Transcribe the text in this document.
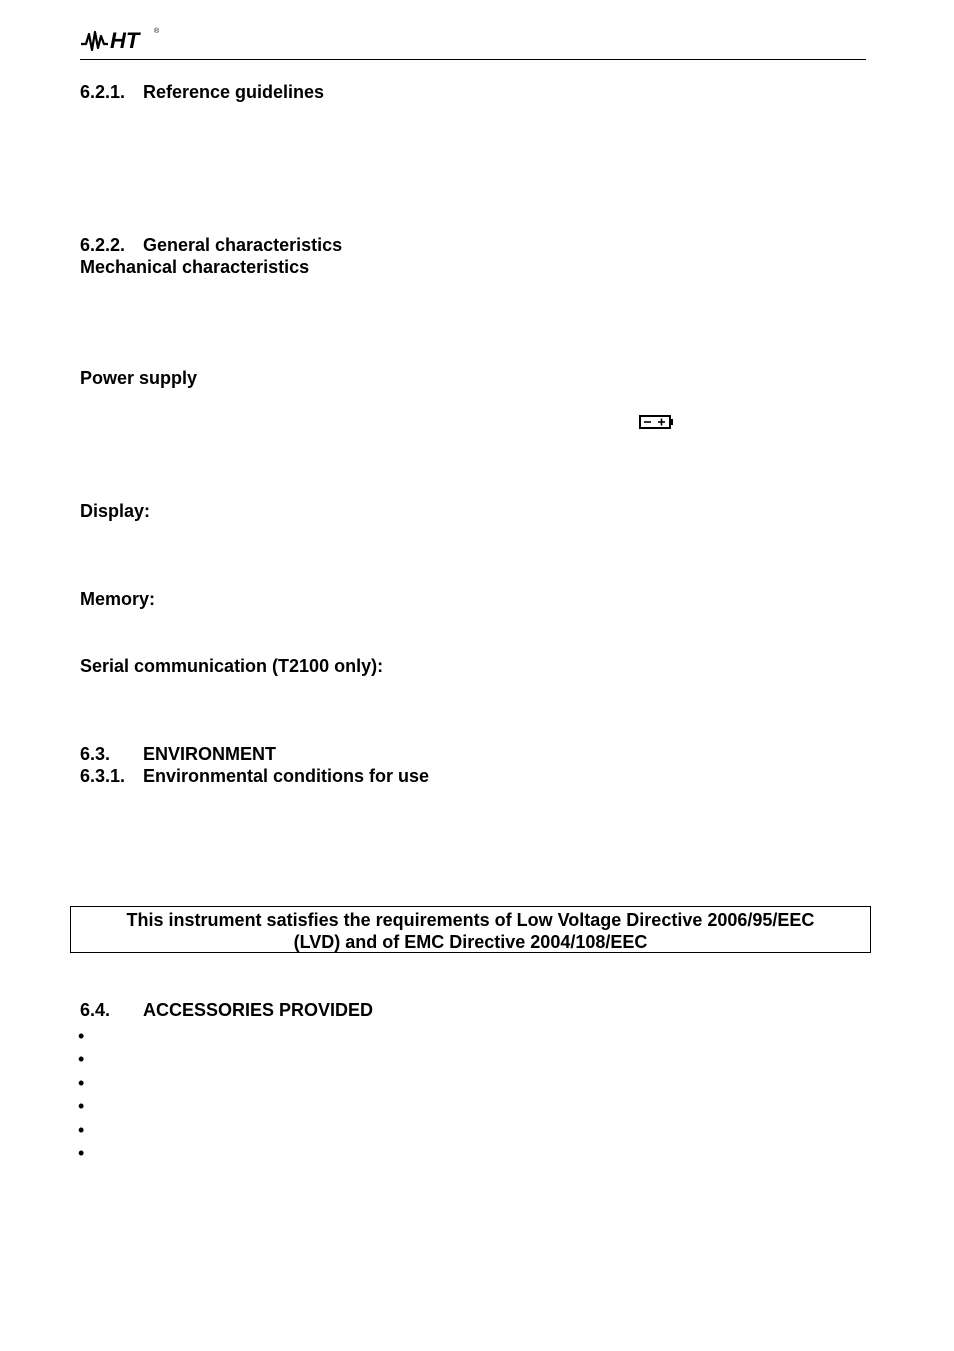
HT ®
6.2.1. Reference guidelines
6.2.2. General characteristics
Mechanical characteristics
Power supply
Display:
Memory:
Serial communication (T2100 only):
6.3. ENVIRONMENT
6.3.1. Environmental conditions for use
This instrument satisfies the requirements of Low Voltage Directive 2006/95/EEC
(LVD) and of EMC Directive 2004/108/EEC
6.4. ACCESSORIES PROVIDED
•
•
•
•
•
•
